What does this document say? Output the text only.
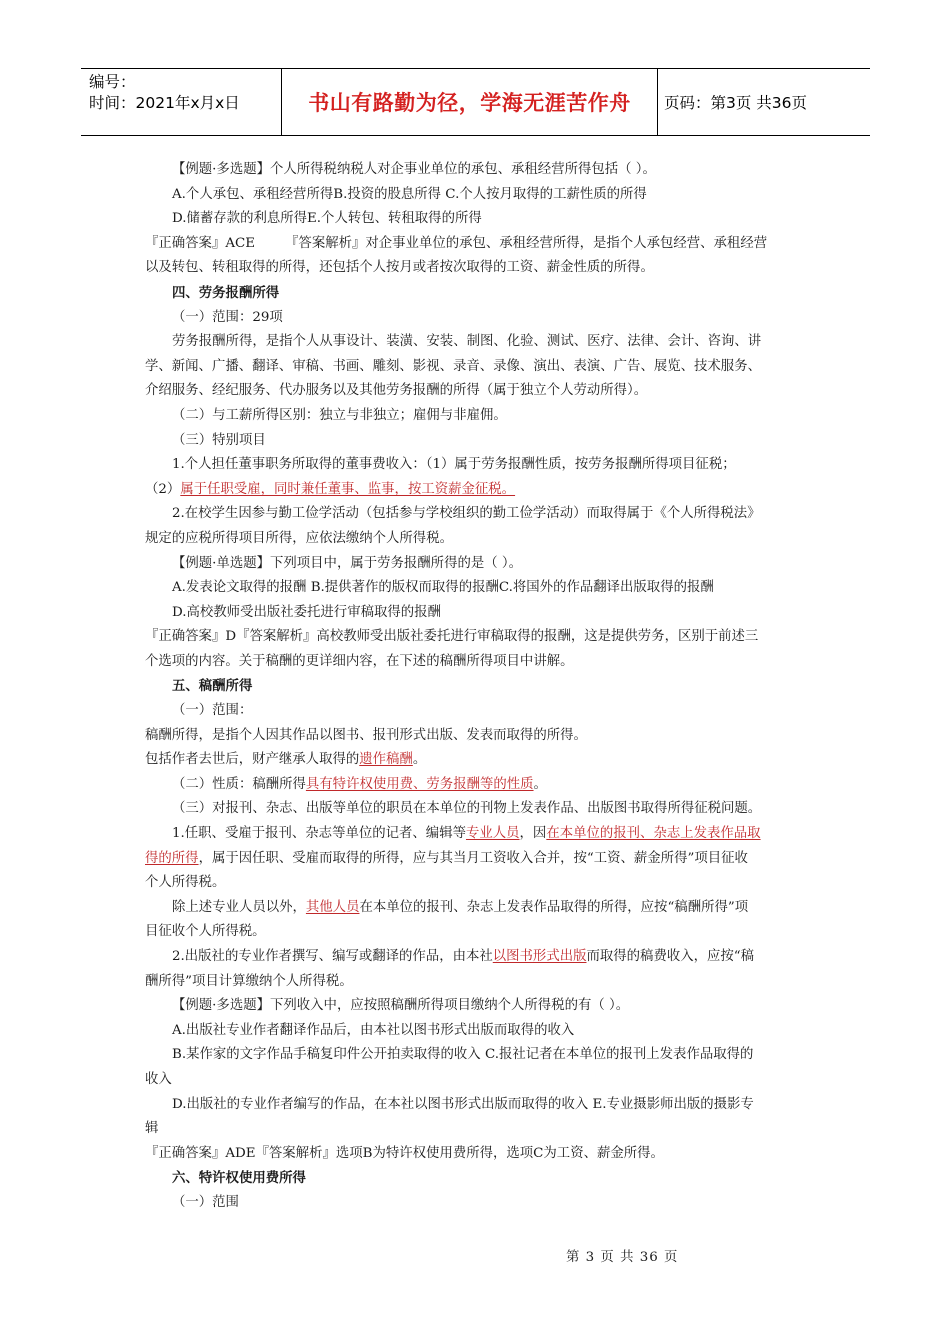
编号：
时间：2021年x月x日	书山有路勤为径，学海无涯苦作舟	页码：第3页 共36页

【例题·多选题】个人所得税纳税人对企事业单位的承包、承租经营所得包括（ ）。

A.个人承包、承租经营所得B.投资的股息所得 C.个人按月取得的工薪性质的所得

D.储蓄存款的利息所得E.个人转包、转租取得的所得

『正确答案』ACE 『答案解析』对企事业单位的承包、承租经营所得，是指个人承包经营、承租经营

以及转包、转租取得的所得，还包括个人按月或者按次取得的工资、薪金性质的所得。

四、劳务报酬所得

（一）范围：29项

劳务报酬所得，是指个人从事设计、装潢、安装、制图、化验、测试、医疗、法律、会计、咨询、讲

学、新闻、广播、翻译、审稿、书画、雕刻、影视、录音、录像、演出、表演、广告、展览、技术服务、

介绍服务、经纪服务、代办服务以及其他劳务报酬的所得（属于独立个人劳动所得）。

（二）与工薪所得区别：独立与非独立；雇佣与非雇佣。

（三）特别项目

1.个人担任董事职务所取得的董事费收入：（1）属于劳务报酬性质，按劳务报酬所得项目征税；

（2）属于任职受雇，同时兼任董事、监事，按工资薪金征税。

2.在校学生因参与勤工俭学活动（包括参与学校组织的勤工俭学活动）而取得属于《个人所得税法》

规定的应税所得项目所得，应依法缴纳个人所得税。

【例题·单选题】下列项目中，属于劳务报酬所得的是（ ）。

A.发表论文取得的报酬 B.提供著作的版权而取得的报酬C.将国外的作品翻译出版取得的报酬

D.高校教师受出版社委托进行审稿取得的报酬

『正确答案』D『答案解析』高校教师受出版社委托进行审稿取得的报酬，这是提供劳务，区别于前述三

个选项的内容。关于稿酬的更详细内容，在下述的稿酬所得项目中讲解。

五、稿酬所得

（一）范围：

稿酬所得，是指个人因其作品以图书、报刊形式出版、发表而取得的所得。

包括作者去世后，财产继承人取得的遗作稿酬。

（二）性质：稿酬所得具有特许权使用费、劳务报酬等的性质。

（三）对报刊、杂志、出版等单位的职员在本单位的刊物上发表作品、出版图书取得所得征税问题。

1.任职、受雇于报刊、杂志等单位的记者、编辑等专业人员，因在本单位的报刊、杂志上发表作品取

得的所得，属于因任职、受雇而取得的所得，应与其当月工资收入合并，按“工资、薪金所得”项目征收

个人所得税。

除上述专业人员以外，其他人员在本单位的报刊、杂志上发表作品取得的所得，应按“稿酬所得”项

目征收个人所得税。

2.出版社的专业作者撰写、编写或翻译的作品，由本社以图书形式出版而取得的稿费收入，应按“稿

酬所得”项目计算缴纳个人所得税。

【例题·多选题】下列收入中，应按照稿酬所得项目缴纳个人所得税的有（ ）。

A.出版社专业作者翻译作品后，由本社以图书形式出版而取得的收入

B.某作家的文字作品手稿复印件公开拍卖取得的收入 C.报社记者在本单位的报刊上发表作品取得的

收入

D.出版社的专业作者编写的作品，在本社以图书形式出版而取得的收入 E.专业摄影师出版的摄影专

辑

『正确答案』ADE『答案解析』选项B为特许权使用费所得，选项C为工资、薪金所得。

六、特许权使用费所得

（一）范围

第 3 页 共 36 页
